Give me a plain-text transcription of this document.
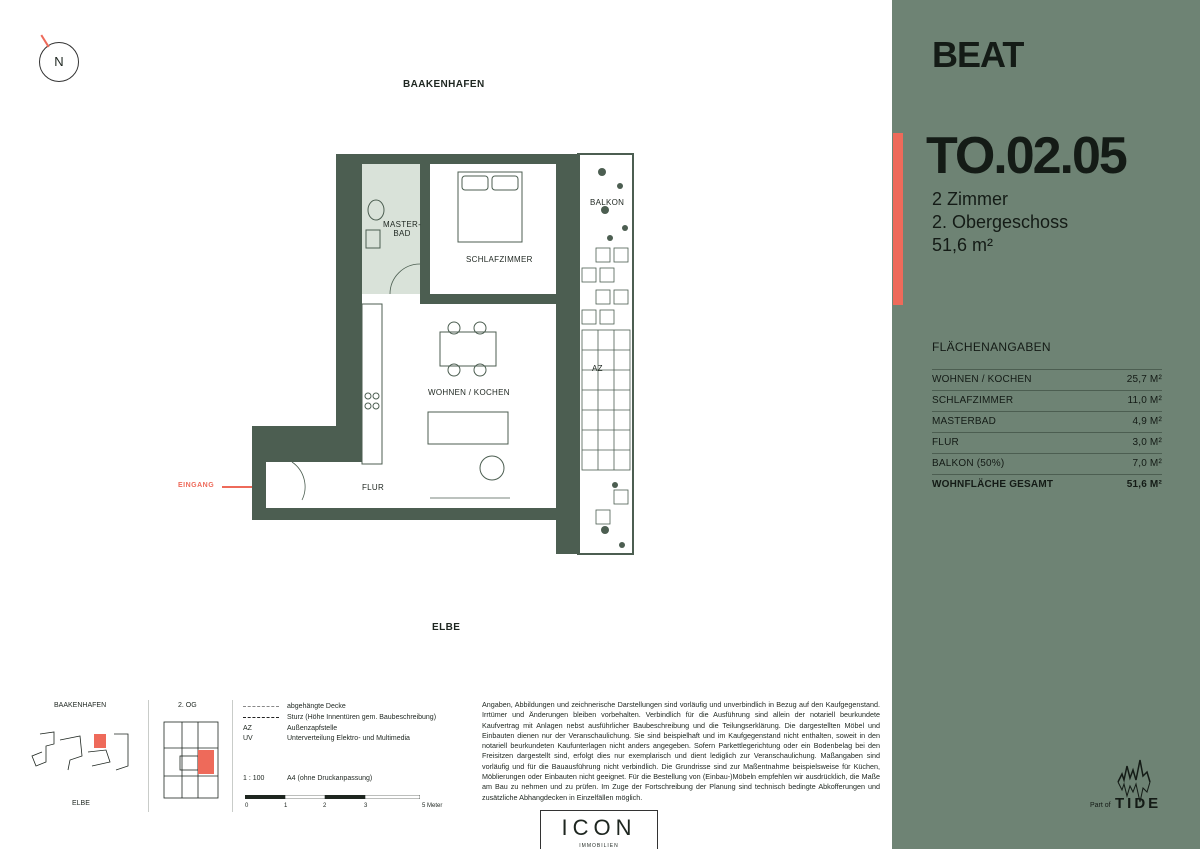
BEAT
TO.02.05
2 Zimmer
2. Obergeschoss
51,6 m²
FLÄCHENANGABEN
WOHNEN / KOCHEN	25,7 M²
SCHLAFZIMMER	11,0 M²
MASTERBAD	4,9 M²
FLUR	3,0 M²
BALKON (50%)	7,0 M²
WOHNFLÄCHE GESAMT	51,6 M²
Part of TIDE
N
BAAKENHAFEN
ELBE
MASTER-
BAD
SCHLAFZIMMER
BALKON
WOHNEN / KOCHEN
FLUR
AZ
EINGANG
BAAKENHAFEN
ELBE
2. OG	abgehängte Decke
Sturz (Höhe Innentüren gem. Baubeschreibung)
AZ	Außenzapfstelle
UV	Unterverteilung Elektro- und Multimedia
1 : 100	A4 (ohne Druckanpassung)
0	1	2	3	5 Meter
Angaben, Abbildungen und zeichnerische Darstellungen sind vorläufig und unverbindlich in Bezug auf den Kaufgegenstand. Irrtümer und Änderungen bleiben vorbehalten. Verbindlich für die Ausführung sind allein der notariell beurkundete Kaufvertrag mit Anlagen nebst ausführlicher Baubeschreibung und die Teilungserklärung. Die dargestellten Möbel und Einbauten dienen nur der Veranschaulichung. Sie sind beispielhaft und im Kaufgegenstand nicht enthalten, soweit in den notariell beurkundeten Kaufunterlagen nicht anders angegeben. Sofern Parkettlegerichtung oder ein Bodenbelag bei den Freisitzen dargestellt sind, erfolgt dies nur exemplarisch und dient lediglich zur Veranschaulichung. Maßangaben sind vorläufig und für die Bauausführung nicht verbindlich. Die Grundrisse sind zur Maßentnahme beispielsweise für Küchen, Möblierungen oder Einbauten nicht geeignet. Für die Bestellung von (Einbau-)Möbeln empfehlen wir ausdrücklich, die Maße am Bau zu nehmen und zu prüfen. Im Zuge der Fortschreibung der Planung sind technisch bedingte Abkofferungen und zusätzliche Abhangdecken in Einzelfällen möglich.
ICON
IMMOBILIEN
